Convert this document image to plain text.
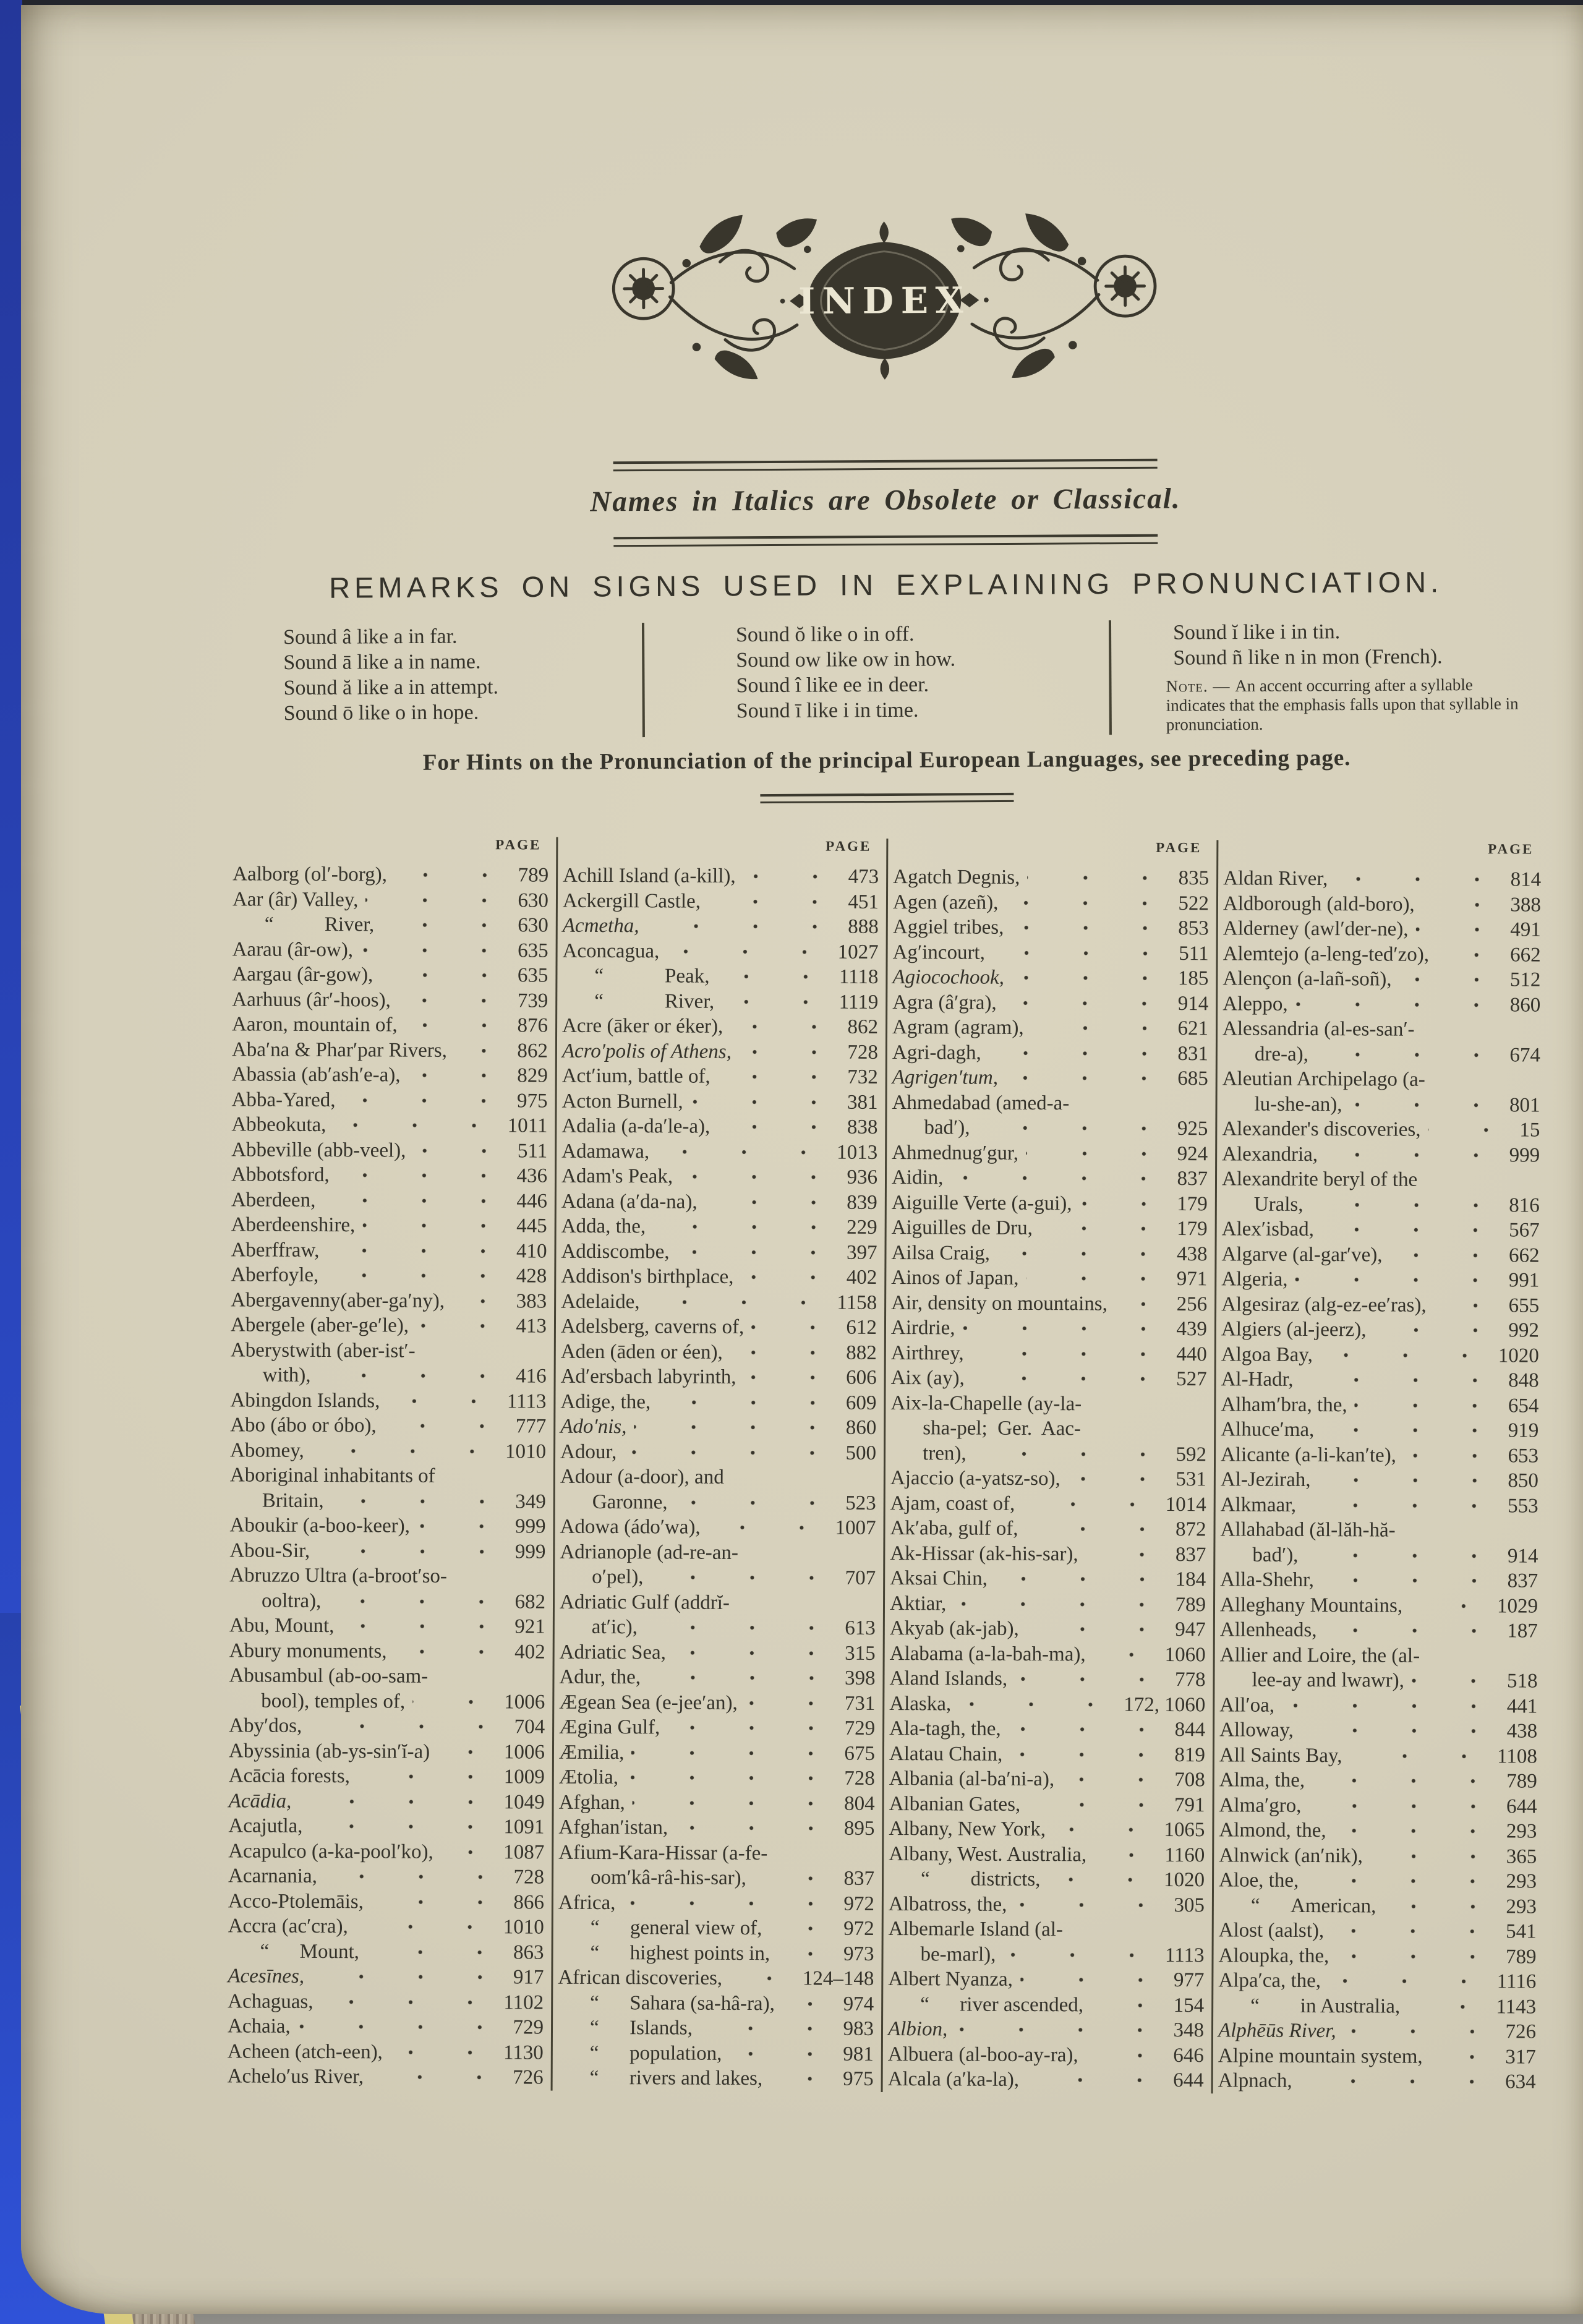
INDEX
Names in Italics are Obsolete or Classical.
REMARKS ON SIGNS USED IN EXPLAINING PRONUNCIATION.
Sound â like a in far.
Sound ā like a in name.
Sound ă like a in attempt.
Sound ō like o in hope.
Sound ŏ like o in off.
Sound ow like ow in how.
Sound î like ee in deer.
Sound ī like i in time.
Sound ĭ like i in tin.
Sound ñ like n in mon (French).

Note. — An accent occurring after a syllable indicates that the emphasis falls upon that syllable in pronunciation.

For Hints on the Pronunciation of the principal European Languages, see preceding page.
PAGE
Aalborg (ol′-borg),	789
Aar (âr) Valley,	630
“   River,	630
Aarau (âr-ow),	635
Aargau (âr-gow),	635
Aarhuus (âr′-hoos),	739
Aaron, mountain of,	876
Aba′na & Phar′par Rivers,	862
Abassia (ab′ash′e-a),	829
Abba-Yared,	975
Abbeokuta,	1011
Abbeville (abb-veel),	511
Abbotsford,	436
Aberdeen,	446
Aberdeenshire,	445
Aberffraw,	410
Aberfoyle,	428
Abergavenny(aber-ga′ny),	383
Abergele (aber-ge′le),	413
Aberystwith (aber-ist′-
with),	416
Abingdon Islands,	1113
Abo (ábo or óbo),	777
Abomey,	1010
Aboriginal inhabitants of
Britain,	349
Aboukir (a-boo-keer),	999
Abou-Sir,	999
Abruzzo Ultra (a-broot′so-
ooltra),	682
Abu, Mount,	921
Abury monuments,	402
Abusambul (ab-oo-sam-
bool), temples of,	1006
Aby′dos,	704
Abyssinia (ab-ys-sin′ĭ-a)	1006
Acācia forests,	1009
Acādia,	1049
Acajutla,	1091
Acapulco (a-ka-pool′ko),	1087
Acarnania,	728
Acco-Ptolemāis,	866
Accra (ac′cra),	1010
“  Mount,	863
Acesīnes,	917
Achaguas,	1102
Achaia,	729
Acheen (atch-een),	1130
Achelo′us River,	726
PAGE
Achill Island (a-kill),	473
Ackergill Castle,	451
Acmetha,	888
Aconcagua,	1027
“   Peak,	1118
“   River,	1119
Acre (āker or éker),	862
Acro′polis of Athens,	728
Act′ium, battle of,	732
Acton Burnell,	381
Adalia (a-da′le-a),	838
Adamawa,	1013
Adam's Peak,	936
Adana (a′da-na),	839
Adda, the,	229
Addiscombe,	397
Addison's birthplace,	402
Adelaide,	1158
Adelsberg, caverns of,	612
Aden (āden or éen),	882
Ad′ersbach labyrinth,	606
Adige, the,	609
Ado′nis,	860
Adour,	500
Adour (a-door), and
Garonne,	523
Adowa (ádo′wa),	1007
Adrianople (ad-re-an-
o′pel),	707
Adriatic Gulf (addrĭ-
at′ic),	613
Adriatic Sea,	315
Adur, the,	398
Ægean Sea (e-jee′an),	731
Ægina Gulf,	729
Æmilia,	675
Ætolia,	728
Afghan,	804
Afghan′istan,	895
Afium-Kara-Hissar (a-fe-
oom′kâ-râ-his-sar),	837
Africa,	972
“  general view of,	972
“  highest points in,	973
African discoveries,	124–148
“  Sahara (sa-hâ-ra),	974
“  Islands,	983
“  population,	981
“  rivers and lakes,	975
PAGE
Agatch Degnis,	835
Agen (azeñ),	522
Aggiel tribes,	853
Ag′incourt,	511
Agiocochook,	185
Agra (â′gra),	914
Agram (agram),	621
Agri-dagh,	831
Agrigen′tum,	685
Ahmedabad (amed-a-
bad′),	925
Ahmednug′gur,	924
Aidin,	837
Aiguille Verte (a-gui),	179
Aiguilles de Dru,	179
Ailsa Craig,	438
Ainos of Japan,	971
Air, density on mountains,	256
Airdrie,	439
Airthrey,	440
Aix (ay),	527
Aix-la-Chapelle (ay-la-
sha-pel;  Ger.  Aac-
tren),	592
Ajaccio (a-yatsz-so),	531
Ajam, coast of,	1014
Ak′aba, gulf of,	872
Ak-Hissar (ak-his-sar),	837
Aksai Chin,	184
Aktiar,	789
Akyab (ak-jab),	947
Alabama (a-la-bah-ma),	1060
Aland Islands,	778
Alaska,	172, 1060
Ala-tagh, the,	844
Alatau Chain,	819
Albania (al-ba′ni-a),	708
Albanian Gates,	791
Albany, New York,	1065
Albany, West. Australia,	1160
“  districts,	1020
Albatross, the,	305
Albemarle Island (al-
be-marl),	1113
Albert Nyanza,	977
“  river ascended,	154
Albion,	348
Albuera (al-boo-ay-ra),	646
Alcala (a′ka-la),	644
PAGE
Aldan River,	814
Aldborough (ald-boro),	388
Alderney (awl′der-ne),	491
Alemtejo (a-leng-ted′zo),	662
Alençon (a-lañ-soñ),	512
Aleppo,	860
Alessandria (al-es-san′-
dre-a),	674
Aleutian Archipelago (a-
lu-she-an),	801
Alexander's discoveries,	15
Alexandria,	999
Alexandrite beryl of the
Urals,	816
Alex′isbad,	567
Algarve (al-gar′ve),	662
Algeria,	991
Algesiraz (alg-ez-ee′ras),	655
Algiers (al-jeerz),	992
Algoa Bay,	1020
Al-Hadr,	848
Alham′bra, the,	654
Alhuce′ma,	919
Alicante (a-li-kan′te),	653
Al-Jezirah,	850
Alkmaar,	553
Allahabad (ăl-lăh-hă-
bad′),	914
Alla-Shehr,	837
Alleghany Mountains,	1029
Allenheads,	187
Allier and Loire, the (al-
lee-ay and lwawr),	518
All′oa,	441
Alloway,	438
All Saints Bay,	1108
Alma, the,	789
Alma′gro,	644
Almond, the,	293
Alnwick (an′nik),	365
Aloe, the,	293
“  American,	293
Alost (aalst),	541
Aloupka, the,	789
Alpa′ca, the,	1116
“  in Australia,	1143
Alphēūs River,	726
Alpine mountain system,	317
Alpnach,	634
